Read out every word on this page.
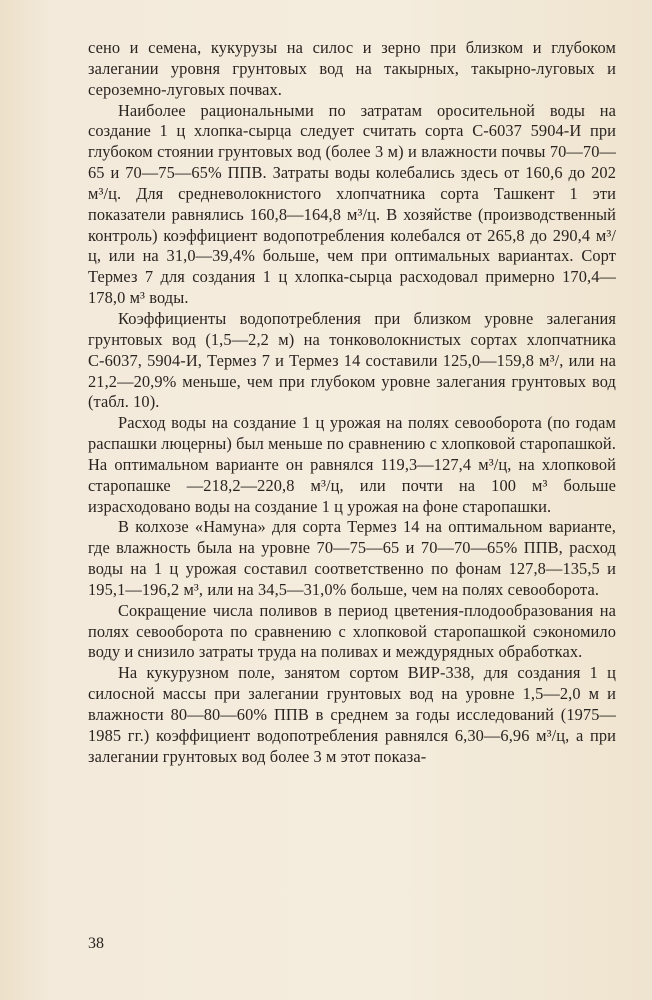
сено и семена, кукурузы на силос и зерно при близком и глубоком залегании уровня грунтовых вод на такырных, такырно-луговых и сероземно-луговых почвах.

Наиболее рациональными по затратам оросительной воды на создание 1 ц хлопка-сырца следует считать сорта С-6037 5904-И при глубоком стоянии грунтовых вод (более 3 м) и влажности почвы 70—70—65 и 70—75—65% ППВ. Затраты воды колебались здесь от 160,6 до 202 м³/ц. Для средневолокнистого хлопчатника сорта Ташкент 1 эти показатели равнялись 160,8—164,8 м³/ц. В хозяйстве (производственный контроль) коэффициент водопотребления колебался от 265,8 до 290,4 м³/ц, или на 31,0—39,4% больше, чем при оптимальных вариантах. Сорт Термез 7 для создания 1 ц хлопка-сырца расходовал примерно 170,4—178,0 м³ воды.

Коэффициенты водопотребления при близком уровне залегания грунтовых вод (1,5—2,2 м) на тонковолокнистых сортах хлопчатника С-6037, 5904-И, Термез 7 и Термез 14 составили 125,0—159,8 м³/, или на 21,2—20,9% меньше, чем при глубоком уровне залегания грунтовых вод (табл. 10).

Расход воды на создание 1 ц урожая на полях севооборота (по годам распашки люцерны) был меньше по сравнению с хлопковой старопашкой. На оптимальном варианте он равнялся 119,3—127,4 м³/ц, на хлопковой старопашке —218,2—220,8 м³/ц, или почти на 100 м³ больше израсходовано воды на создание 1 ц урожая на фоне старопашки.

В колхозе «Намуна» для сорта Термез 14 на оптимальном варианте, где влажность была на уровне 70—75—65 и 70—70—65% ППВ, расход воды на 1 ц урожая составил соответственно по фонам 127,8—135,5 и 195,1—196,2 м³, или на 34,5—31,0% больше, чем на полях севооборота.

Сокращение числа поливов в период цветения-плодообразования на полях севооборота по сравнению с хлопковой старопашкой сэкономило воду и снизило затраты труда на поливах и междурядных обработках.

На кукурузном поле, занятом сортом ВИР-338, для создания 1 ц силосной массы при залегании грунтовых вод на уровне 1,5—2,0 м и влажности 80—80—60% ППВ в среднем за годы исследований (1975—1985 гг.) коэффициент водопотребления равнялся 6,30—6,96 м³/ц, а при залегании грунтовых вод более 3 м этот показа-

38
